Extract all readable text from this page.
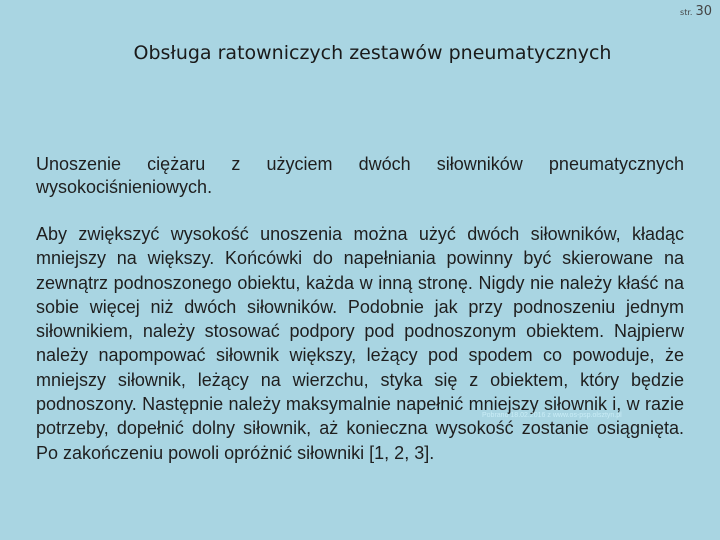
str. 30
Obsługa ratowniczych zestawów pneumatycznych
Unoszenie ciężaru z użyciem dwóch siłowników pneumatycznych
wysokociśnieniowych.
Aby zwiększyć wysokość unoszenia można użyć dwóch siłowników, kładąc mniejszy na większy. Końcówki do napełniania powinny być skierowane na zewnątrz podnoszonego obiektu, każda w inną stronę. Nigdy nie należy kłaść na sobie więcej niż dwóch siłowników. Podobnie jak przy podnoszeniu jednym siłownikiem, należy stosować podpory pod podnoszonym obiektem. Najpierw należy napompować siłownik większy, leżący pod spodem co powoduje, że mniejszy siłownik, leżący na wierzchu, styka się z obiektem, który będzie podnoszony. Następnie należy maksymalnie napełnić mniejszy siłownik i, w razie potrzeby, dopełnić dolny siłownik, aż konieczna wysokość zostanie osiągnięta. Po zakończeniu powoli opróżnić siłowniki [1, 2, 3].
Pobrano 18.02.2016 z www.os-psp.olsztyn.pl
